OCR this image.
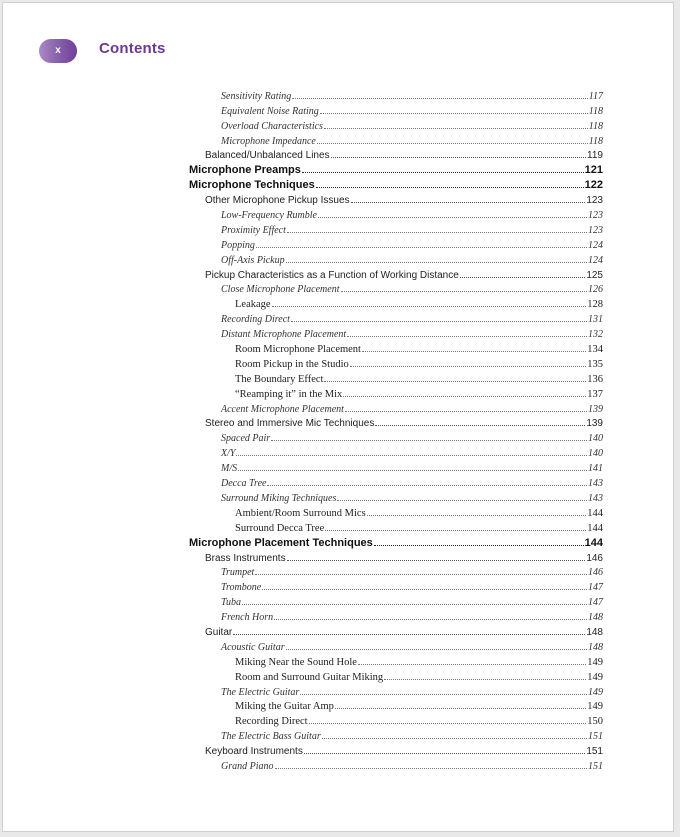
x	Contents
Sensitivity Rating	117
Equivalent Noise Rating	118
Overload Characteristics	118
Microphone Impedance	118
Balanced/Unbalanced Lines	119
Microphone Preamps	121
Microphone Techniques	122
Other Microphone Pickup Issues	123
Low-Frequency Rumble	123
Proximity Effect	123
Popping	124
Off-Axis Pickup	124
Pickup Characteristics as a Function of Working Distance	125
Close Microphone Placement	126
Leakage	128
Recording Direct	131
Distant Microphone Placement	132
Room Microphone Placement	134
Room Pickup in the Studio	135
The Boundary Effect	136
“Reamping it” in the Mix	137
Accent Microphone Placement	139
Stereo and Immersive Mic Techniques	139
Spaced Pair	140
X/Y	140
M/S	141
Decca Tree	143
Surround Miking Techniques	143
Ambient/Room Surround Mics	144
Surround Decca Tree	144
Microphone Placement Techniques	144
Brass Instruments	146
Trumpet	146
Trombone	147
Tuba	147
French Horn	148
Guitar	148
Acoustic Guitar	148
Miking Near the Sound Hole	149
Room and Surround Guitar Miking	149
The Electric Guitar	149
Miking the Guitar Amp	149
Recording Direct	150
The Electric Bass Guitar	151
Keyboard Instruments	151
Grand Piano	151
